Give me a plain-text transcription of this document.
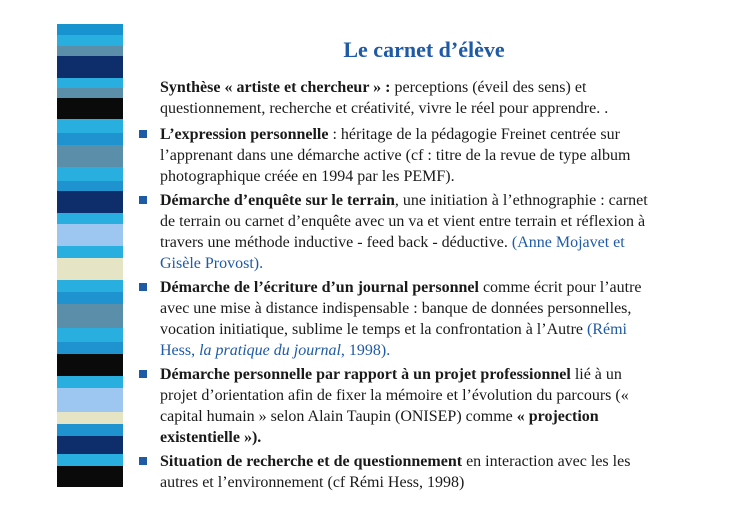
Le carnet d’élève

Synthèse « artiste et chercheur » : perceptions (éveil des sens) et questionnement, recherche et créativité, vivre le réel pour apprendre. .

L’expression personnelle : héritage de la pédagogie Freinet centrée sur l’apprenant dans une démarche active (cf : titre de la revue de type album photographique créée en 1994 par les PEMF).

Démarche d’enquête sur le terrain, une initiation à l’ethnographie : carnet de terrain ou carnet d’enquête avec un va et vient entre terrain et réflexion à travers une méthode inductive - feed back - déductive. (Anne Mojavet et Gisèle Provost).

Démarche de l’écriture d’un journal personnel comme écrit pour l’autre avec une mise à distance indispensable : banque de données personnelles, vocation initiatique, sublime le temps et la confrontation à l’Autre (Rémi Hess, la pratique du journal, 1998).

Démarche personnelle par rapport à un projet professionnel lié à un projet d’orientation afin de fixer la mémoire et l’évolution du parcours (« capital humain » selon Alain Taupin (ONISEP) comme « projection existentielle »).

Situation de recherche et de questionnement en interaction avec les les autres et l’environnement (cf Rémi Hess, 1998)
